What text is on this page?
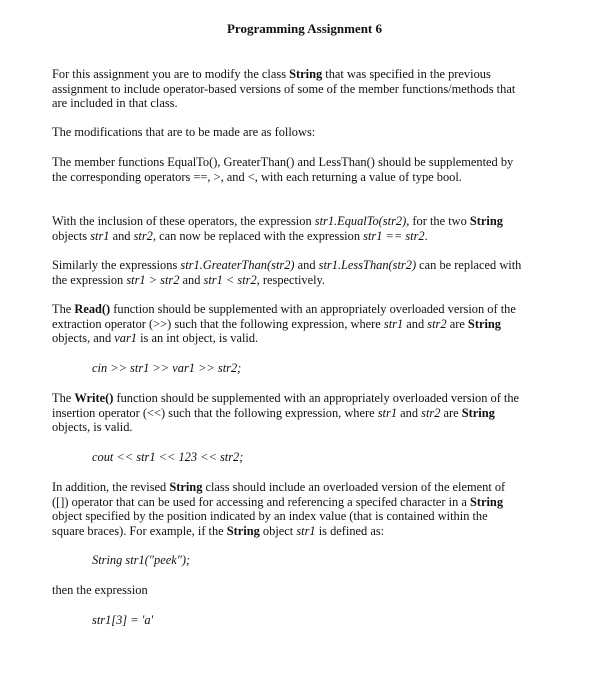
Programming Assignment 6

For this assignment you are to modify the class String that was specified in the previous assignment to include operator-based versions of some of the member functions/methods that are included in that class.

The modifications that are to be made are as follows:

The member functions EqualTo(), GreaterThan() and LessThan() should be supplemented by the corresponding operators ==, >, and <, with each returning a value of type bool.

With the inclusion of these operators, the expression str1.EqualTo(str2), for the two String objects str1 and str2, can now be replaced with the expression str1 == str2.

Similarly the expressions str1.GreaterThan(str2) and str1.LessThan(str2) can be replaced with the expression str1 > str2 and str1 < str2, respectively.

The Read() function should be supplemented with an appropriately overloaded version of the extraction operator (>>) such that the following expression, where str1 and str2 are String objects, and var1 is an int object, is valid.

cin >> str1 >> var1 >> str2;

The Write() function should be supplemented with an appropriately overloaded version of the insertion operator (<<) such that the following expression, where str1 and str2 are String objects, is valid.

cout << str1 << 123 << str2;

In addition, the revised String class should include an overloaded version of the element of ([]) operator that can be used for accessing and referencing a specifed character in a String object specified by the position indicated by an index value (that is contained within the square braces). For example, if the String object str1 is defined as:

String str1("peek");

then the expression

str1[3] = 'a'
